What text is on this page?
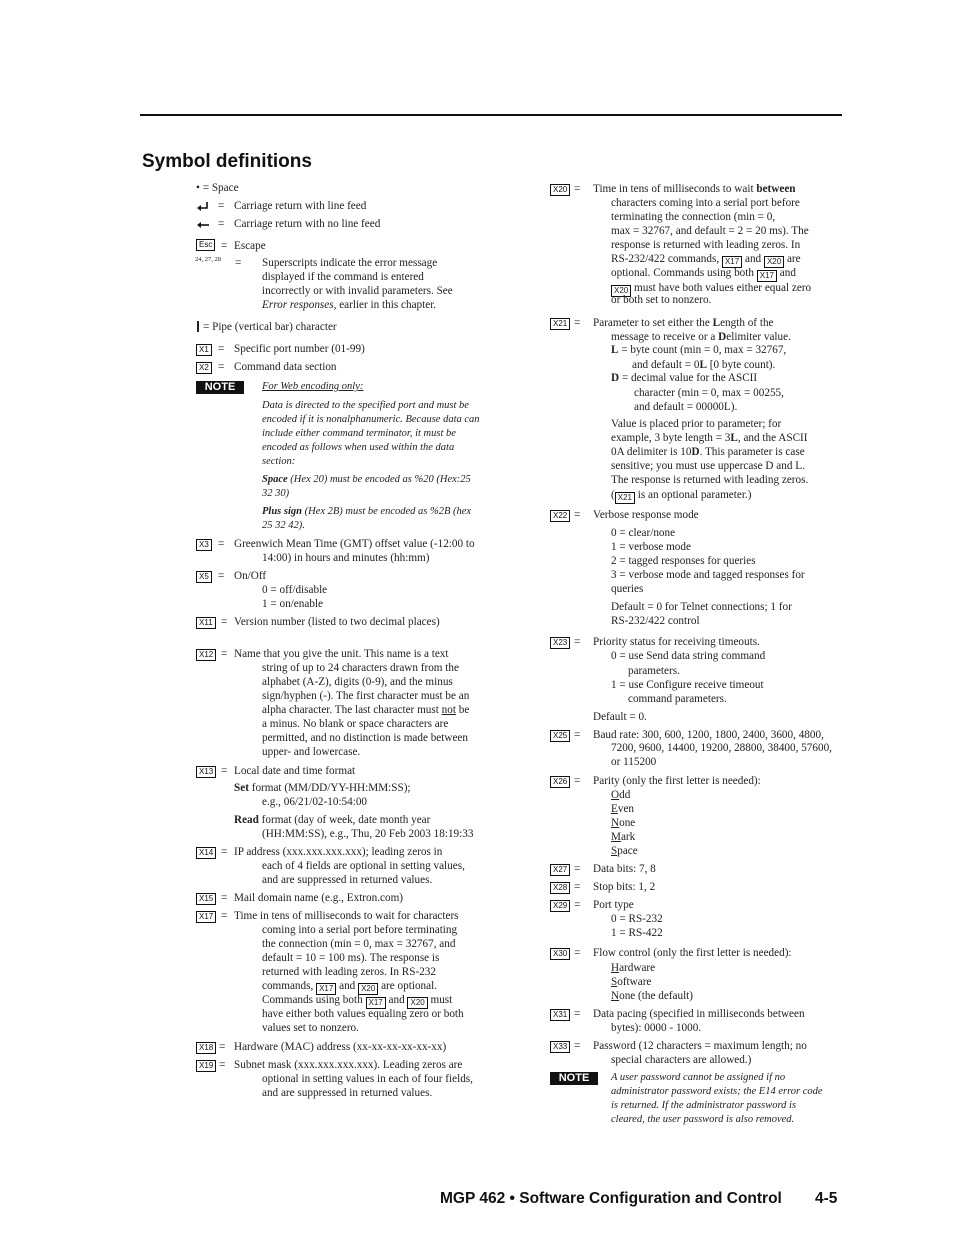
Symbol definitions
• = Space
= Carriage return with line feed
= Carriage return with no line feed
Esc = Escape
24, 27, 28 = Superscripts indicate the error message
displayed if the command is entered
incorrectly or with invalid parameters. See
Error responses, earlier in this chapter.
= Pipe (vertical bar) character
X1 = Specific port number (01-99)
X2 = Command data section
NOTE	For Web encoding only:
Data is directed to the specified port and must be
encoded if it is nonalphanumeric. Because data can
include either command terminator, it must be
encoded as follows when used within the data
section:
Space (Hex 20) must be encoded as %20 (Hex:25
32 30)
Plus sign (Hex 2B) must be encoded as %2B (hex
25 32 42).
X3 = Greenwich Mean Time (GMT) offset value (-12:00 to
14:00) in hours and minutes (hh:mm)
X5 = On/Off
0 = off/disable
1 = on/enable
X11 = Version number (listed to two decimal places)
X12 = Name that you give the unit. This name is a text
string of up to 24 characters drawn from the
alphabet (A-Z), digits (0-9), and the minus
sign/hyphen (-). The first character must be an
alpha character. The last character must not be
a minus. No blank or space characters are
permitted, and no distinction is made between
upper- and lowercase.
X13 = Local date and time format
Set format (MM/DD/YY-HH:MM:SS);
e.g., 06/21/02-10:54:00
Read format (day of week, date month year
(HH:MM:SS), e.g., Thu, 20 Feb 2003 18:19:33
X14 = IP address (xxx.xxx.xxx.xxx); leading zeros in
each of 4 fields are optional in setting values,
and are suppressed in returned values.
X15 = Mail domain name (e.g., Extron.com)
X17 = Time in tens of milliseconds to wait for characters
coming into a serial port before terminating
the connection (min = 0, max = 32767, and
default = 10 = 100 ms). The response is
returned with leading zeros. In RS-232
commands, X17 and X20 are optional.
Commands using both X17 and X20 must
have either both values equaling zero or both
values set to nonzero.
X18 = Hardware (MAC) address (xx-xx-xx-xx-xx-xx)
X19 = Subnet mask (xxx.xxx.xxx.xxx). Leading zeros are
optional in setting values in each of four fields,
and are suppressed in returned values.
X20 = Time in tens of milliseconds to wait between
characters coming into a serial port before
terminating the connection (min = 0,
max = 32767, and default = 2 = 20 ms). The
response is returned with leading zeros. In
RS-232/422 commands, X17 and X20 are
optional. Commands using both X17 and
X20 must have both values either equal zero
or both set to nonzero.
X21 = Parameter to set either the Length of the
message to receive or a Delimiter value.
L = byte count (min = 0, max = 32767,
and default = 0L [0 byte count).
D = decimal value for the ASCII
character (min = 0, max = 00255,
and default = 00000L).
Value is placed prior to parameter; for
example, 3 byte length = 3L, and the ASCII
0A delimiter is 10D. This parameter is case
sensitive; you must use uppercase D and L.
The response is returned with leading zeros.
( X21 is an optional parameter.)
X22 = Verbose response mode
0 = clear/none
1 = verbose mode
2 = tagged responses for queries
3 = verbose mode and tagged responses for
queries
Default = 0 for Telnet connections; 1 for
RS-232/422 control
X23 = Priority status for receiving timeouts.
0 = use Send data string command
parameters.
1 = use Configure receive timeout
command parameters.
Default = 0.
X25 = Baud rate: 300, 600, 1200, 1800, 2400, 3600, 4800,
7200, 9600, 14400, 19200, 28800, 38400, 57600,
or 115200
X26 = Parity (only the first letter is needed):
Odd
Even
None
Mark
Space
X27 = Data bits: 7, 8
X28 = Stop bits: 1, 2
X29 = Port type
0 = RS-232
1 = RS-422
X30 = Flow control (only the first letter is needed):
Hardware
Software
None (the default)
X31 = Data pacing (specified in milliseconds between
bytes): 0000 - 1000.
X33 = Password (12 characters = maximum length; no
special characters are allowed.)
NOTE	A user password cannot be assigned if no
administrator password exists; the E14 error code
is returned. If the administrator password is
cleared, the user password is also removed.
MGP 462 • Software Configuration and Control 4-5
